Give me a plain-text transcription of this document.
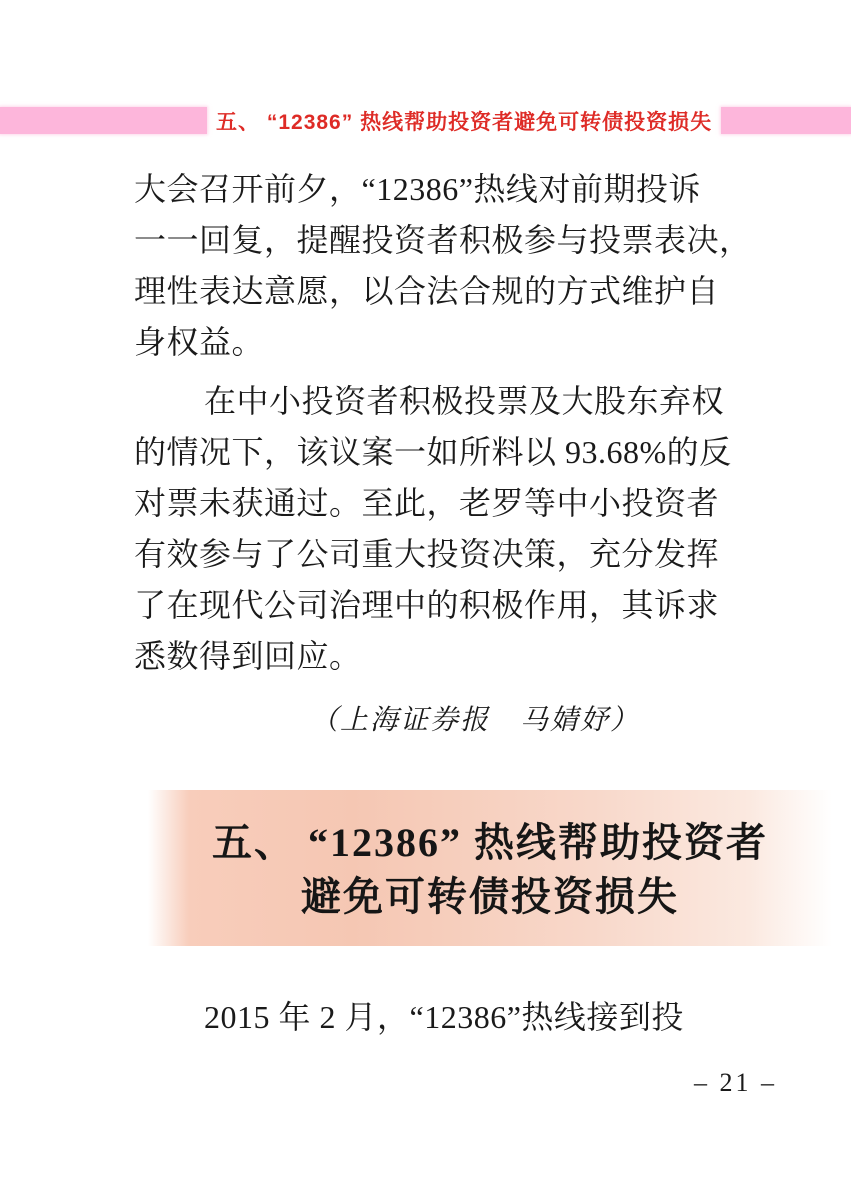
五、 “12386” 热线帮助投资者避免可转债投资损失
大会召开前夕，“12386”热线对前期投诉
一一回复，提醒投资者积极参与投票表决，
理性表达意愿，以合法合规的方式维护自
身权益。
在中小投资者积极投票及大股东弃权
的情况下，该议案一如所料以 93.68%的反
对票未获通过。至此，老罗等中小投资者
有效参与了公司重大投资决策，充分发挥
了在现代公司治理中的积极作用，其诉求
悉数得到回应。
（上海证券报　马婧妤）
五、 “12386” 热线帮助投资者
避免可转债投资损失
2015 年 2 月，“12386”热线接到投
– 21 –
